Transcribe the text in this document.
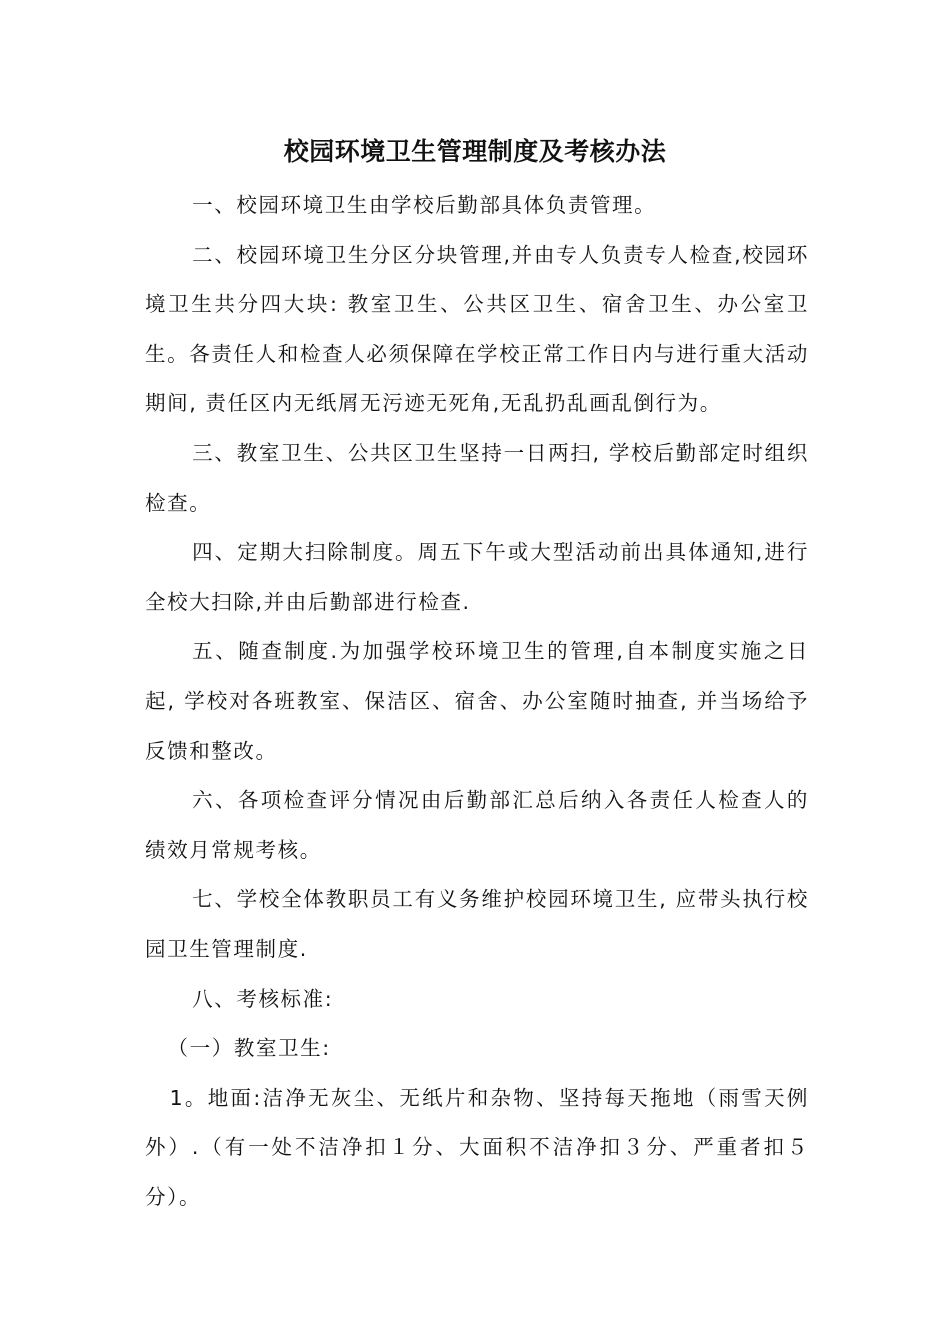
校园环境卫生管理制度及考核办法

一、校园环境卫生由学校后勤部具体负责管理。

二、校园环境卫生分区分块管理,并由专人负责专人检查,校园环境卫生共分四大块: 教室卫生、公共区卫生、宿舍卫生、办公室卫生。各责任人和检查人必须保障在学校正常工作日内与进行重大活动期间, 责任区内无纸屑无污迹无死角,无乱扔乱画乱倒行为。

三、教室卫生、公共区卫生坚持一日两扫, 学校后勤部定时组织检查。

四、定期大扫除制度。周五下午或大型活动前出具体通知,进行全校大扫除,并由后勤部进行检查.

五、随查制度.为加强学校环境卫生的管理,自本制度实施之日起, 学校对各班教室、保洁区、宿舍、办公室随时抽查, 并当场给予反馈和整改。

六、各项检查评分情况由后勤部汇总后纳入各责任人检查人的绩效月常规考核。

七、学校全体教职员工有义务维护校园环境卫生, 应带头执行校园卫生管理制度.

八、考核标准:

（一）教室卫生:

1。地面:洁净无灰尘、无纸片和杂物、坚持每天拖地（雨雪天例外）.（有一处不洁净扣１分、大面积不洁净扣３分、严重者扣５分）。
